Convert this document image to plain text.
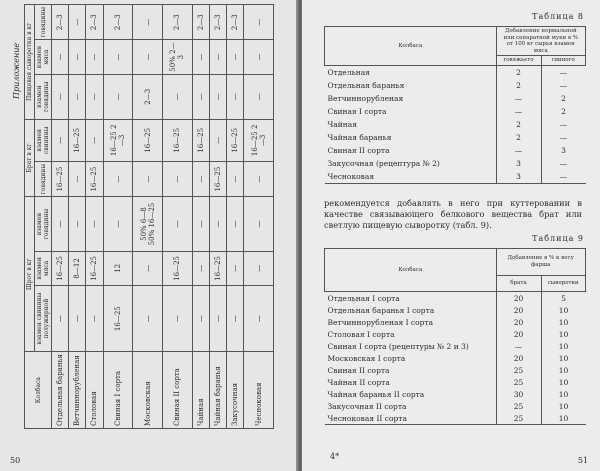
Приложение
Колбаса	Шрот в кг			Брат в кг		Пищевая сыворотка в кг		
	взамен свинины полужирной	взамен мяса	взамен говядины	говядины	взамен свинины	взамен говядины	взамен мяса	говядины
Отдельная баранья	—	16—25	—	16—25	—	—	—	2—3
Ветчиннорубленая	—	8—12	—	—	16—25	—	—	—
Столовая	—	16—25	—	16—25	—	—	—	2—3
Свиная I сорта	16—25	12	—	—	16—25 2—3	—	—	2—3
Московская	—	—	50% 6—8 50% 16—25	—	16—25	2—3	—	—
Свиная II сорта	—	16—25	—	—	16—25	—	50% 2—3	2—3
Чайная	—	—	—	—	16—25	—	—	2—3
Чайная баранья	—	16—25	—	16—25	—	—	—	2—3
Закусочная	—	—	—	—	16—25	—	—	2—3
Чесноковая	—	—	—	—	16—25 2—3	—	—	—
50
Таблица 8
Колбаса	Добавление нормальной или сепаратной муки в % от 100 кг сырья взамен мяса	
	говяжьего	свиного
Отдельная	2	—
Отдельная баранья	2	—
Ветчиннорубленая	—	2
Свиная I сорта	—	2
Чайная	2	—
Чайная баранья	2	—
Свиная II сорта	—	3
Закусочная (рецептура № 2)	3	—
Чесноковая	3	—
рекомендуется добавлять в него при куттеровании в качестве связывающего белкового вещества брат или светлую пищевую сыворотку (табл. 9).
Таблица 9
Колбаса	Добавление в % к весу фарша	
	брата	сыворотки
Отдельная I сорта	20	5
Отдельная баранья I сорта	20	10
Ветчиннорубленая I сорта	20	10
Столовая I сорта	20	10
Свиная I сорта (рецептуры № 2 и 3)	—	10
Московская I сорта	20	10
Свиная II сорта	25	10
Чайная II сорта	25	10
Чайная баранья II сорта	30	10
Закусочная II сорта	25	10
Чесноковая II сорта	25	10
4*	51
